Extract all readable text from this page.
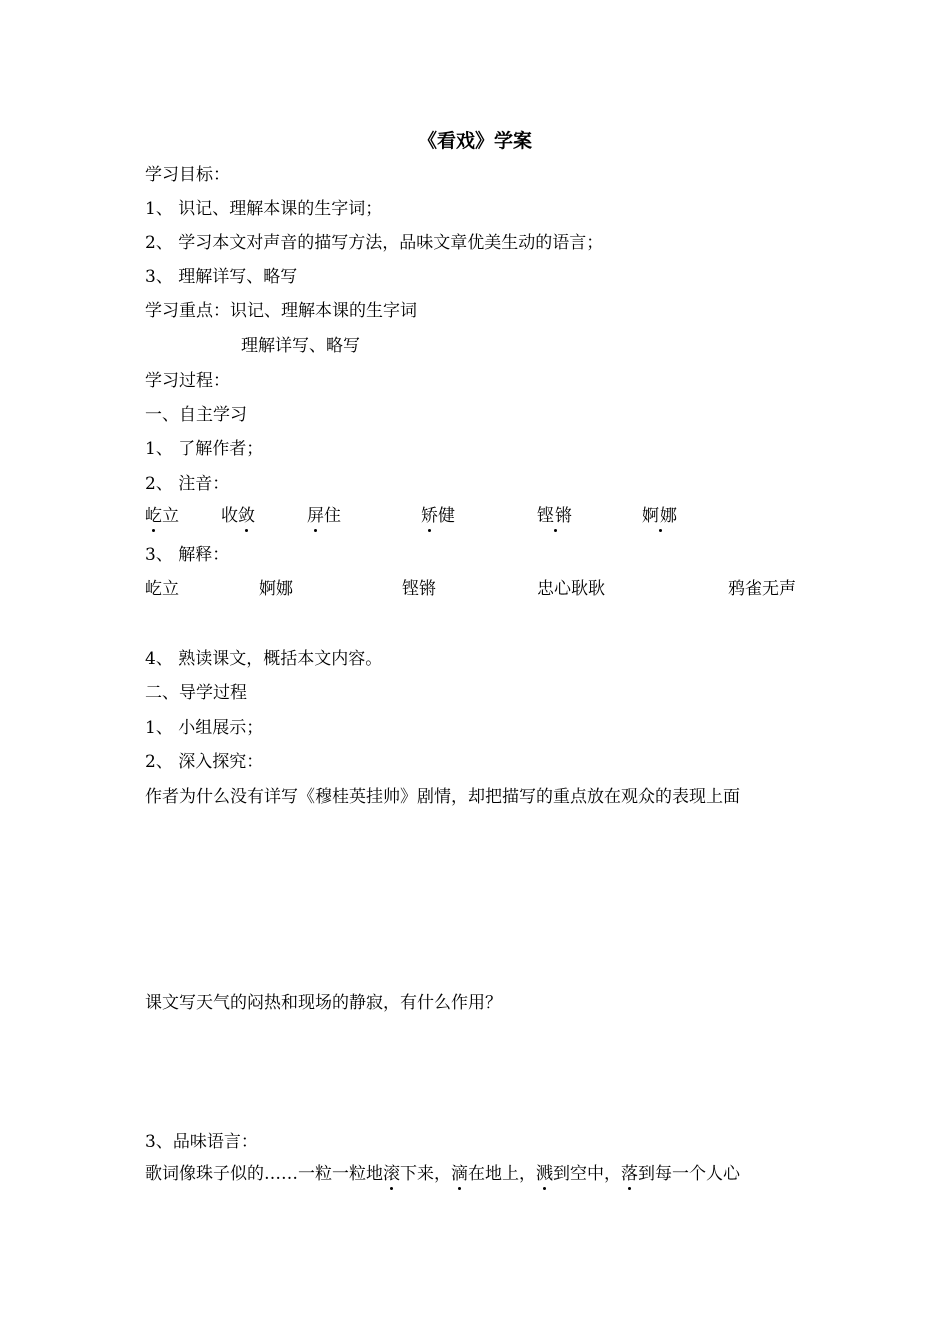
《看戏》学案
学习目标：
1、 识记、理解本课的生字词；
2、 学习本文对声音的描写方法，品味文章优美生动的语言；
3、 理解详写、略写
学习重点：识记、理解本课的生字词
理解详写、略写
学习过程：
一、自主学习
1、 了解作者；
2、 注音：
屹立 收敛	屏住	矫健	铿锵	婀娜
3、 解释：
屹立	婀娜	铿锵	忠心耿耿	鸦雀无声
4、 熟读课文，概括本文内容。
二、导学过程
1、 小组展示；
2、 深入探究：
作者为什么没有详写《穆桂英挂帅》剧情，却把描写的重点放在观众的表现上面
课文写天气的闷热和现场的静寂，有什么作用？
3、品味语言：
歌词像珠子似的……一粒一粒地滚下来，滴在地上，溅到空中，落到每一个人心
